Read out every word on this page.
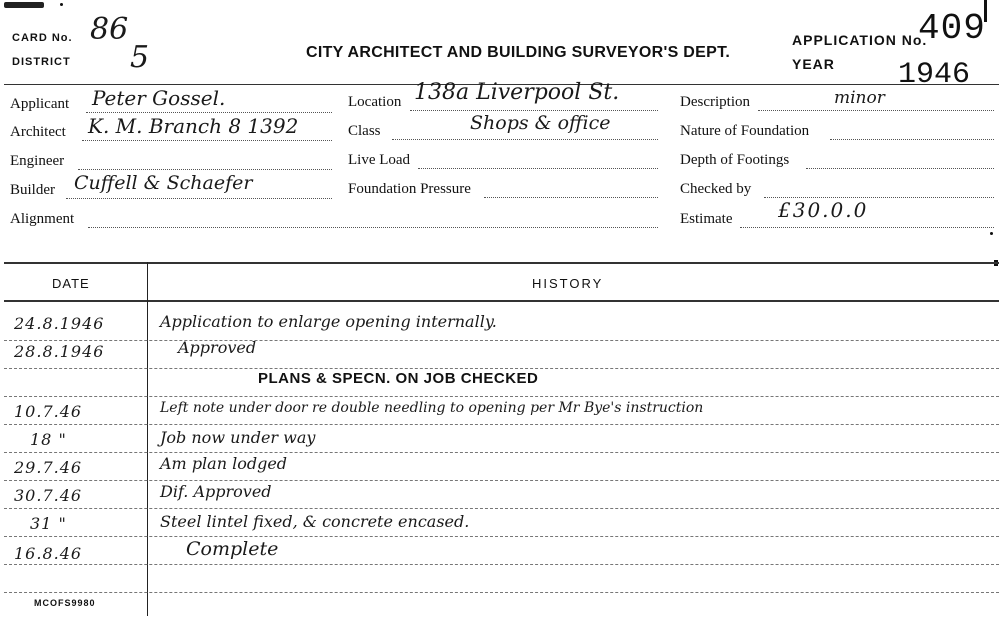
CARD No. 86
DISTRICT 5	CITY ARCHITECT AND BUILDING SURVEYOR'S DEPT.
APPLICATION No.
409
YEAR 1946
Applicant Peter Gossel.
Architect K. M. Branch 8 1392
Engineer
Builder Cuffell & Schaefer
Alignment
Location 138a Liverpool St.
Class	Shops & office
Live Load
Foundation Pressure
Description	minor
Nature of Foundation
Depth of Footings
Checked by
Estimate £30.0.0
DATE	HISTORY
24.8.1946	Application to enlarge opening internally.
28.8.1946	Approved
PLANS & SPECN. ON JOB CHECKED
10.7.46	Left note under door re double needling to opening per Mr Bye's instruction
18 "	Job now under way
29.7.46	Am plan lodged
30.7.46	Dif. Approved
31 "	Steel lintel fixed, & concrete encased.
16.8.46	Complete
MCOFS9980
